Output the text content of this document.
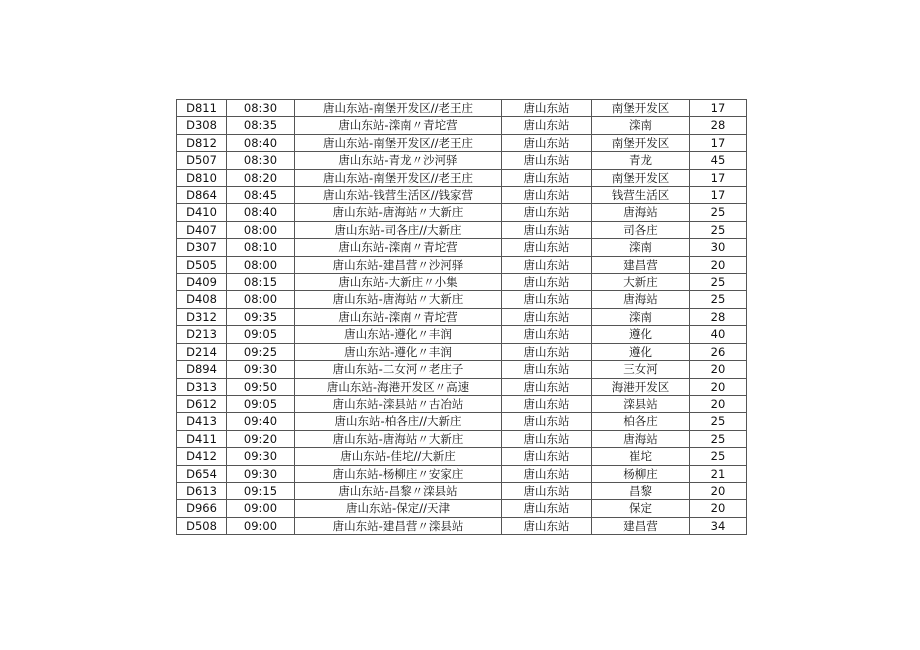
D811	08:30	唐山东站-南堡开发区//老王庄	唐山东站	南堡开发区	17
D308	08:35	唐山东站-滦南〃青坨营	唐山东站	滦南	28
D812	08:40	唐山东站-南堡开发区//老王庄	唐山东站	南堡开发区	17
D507	08:30	唐山东站-青龙〃沙河驿	唐山东站	青龙	45
D810	08:20	唐山东站-南堡开发区//老王庄	唐山东站	南堡开发区	17
D864	08:45	唐山东站-钱营生活区//钱家营	唐山东站	钱营生活区	17
D410	08:40	唐山东站-唐海站〃大新庄	唐山东站	唐海站	25
D407	08:00	唐山东站-司各庄//大新庄	唐山东站	司各庄	25
D307	08:10	唐山东站-滦南〃青坨营	唐山东站	滦南	30
D505	08:00	唐山东站-建昌营〃沙河驿	唐山东站	建昌营	20
D409	08:15	唐山东站-大新庄〃小集	唐山东站	大新庄	25
D408	08:00	唐山东站-唐海站〃大新庄	唐山东站	唐海站	25
D312	09:35	唐山东站-滦南〃青坨营	唐山东站	滦南	28
D213	09:05	唐山东站-遵化〃丰润	唐山东站	遵化	40
D214	09:25	唐山东站-遵化〃丰润	唐山东站	遵化	26
D894	09:30	唐山东站-二女河〃老庄子	唐山东站	三女河	20
D313	09:50	唐山东站-海港开发区〃高速	唐山东站	海港开发区	20
D612	09:05	唐山东站-滦县站〃古冶站	唐山东站	滦县站	20
D413	09:40	唐山东站-柏各庄//大新庄	唐山东站	柏各庄	25
D411	09:20	唐山东站-唐海站〃大新庄	唐山东站	唐海站	25
D412	09:30	唐山东站-佳坨//大新庄	唐山东站	崔坨	25
D654	09:30	唐山东站-杨柳庄〃安家庄	唐山东站	杨柳庄	21
D613	09:15	唐山东站-昌黎〃滦县站	唐山东站	昌黎	20
D966	09:00	唐山东站-保定//天津	唐山东站	保定	20
D508	09:00	唐山东站-建昌营〃滦县站	唐山东站	建昌营	34
